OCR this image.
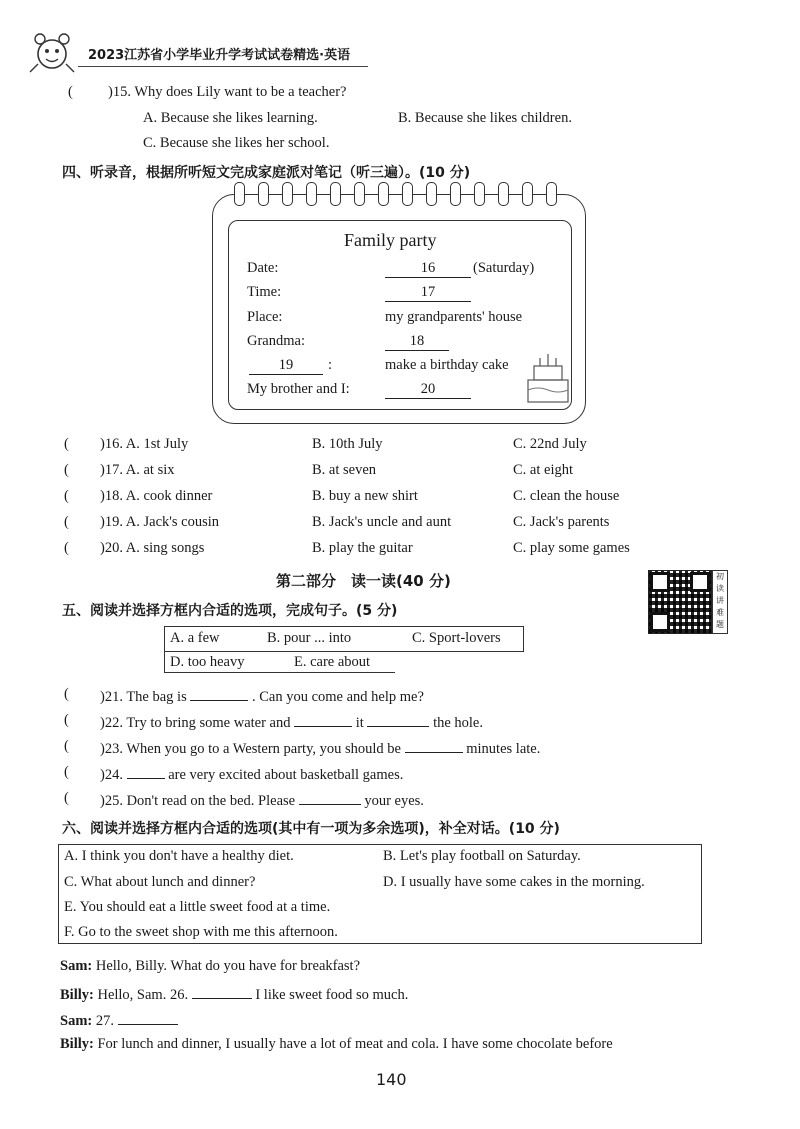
2023江苏省小学毕业升学考试试卷精选·英语
( )15. Why does Lily want to be a teacher?
A. Because she likes learning.	B. Because she likes children.
C. Because she likes her school.
四、听录音，根据所听短文完成家庭派对笔记（听三遍）。(10 分)
Family party
Date:	16	(Saturday)
Time:	17
Place:	my grandparents' house
Grandma:	18
19	:	make a birthday cake
My brother and I:	20
( )16. A. 1st July	B. 10th July	C. 22nd July
( )17. A. at six	B. at seven	C. at eight
( )18. A. cook dinner	B. buy a new shirt	C. clean the house
( )19. A. Jack's cousin	B. Jack's uncle and aunt	C. Jack's parents
( )20. A. sing songs	B. play the guitar	C. play some games
第二部分　读一读(40 分)	初读讲难题
五、阅读并选择方框内合适的选项，完成句子。(5 分)
A. a few	B. pour ... into	C. Sport-lovers
D. too heavy	E. care about
( )21. The bag is	. Can you come and help me?
( )22. Try to bring some water and	it	the hole.
( )23. When you go to a Western party, you should be	minutes late.
( )24.	are very excited about basketball games.
( )25. Don't read on the bed. Please	your eyes.
六、阅读并选择方框内合适的选项(其中有一项为多余选项)，补全对话。(10 分)
A. I think you don't have a healthy diet.	B. Let's play football on Saturday.
C. What about lunch and dinner?	D. I usually have some cakes in the morning.
E. You should eat a little sweet food at a time.
F. Go to the sweet shop with me this afternoon.
Sam: Hello, Billy. What do you have for breakfast?
Billy: Hello, Sam. 26.	I like sweet food so much.
Sam: 27.
Billy: For lunch and dinner, I usually have a lot of meat and cola. I have some chocolate before
140
